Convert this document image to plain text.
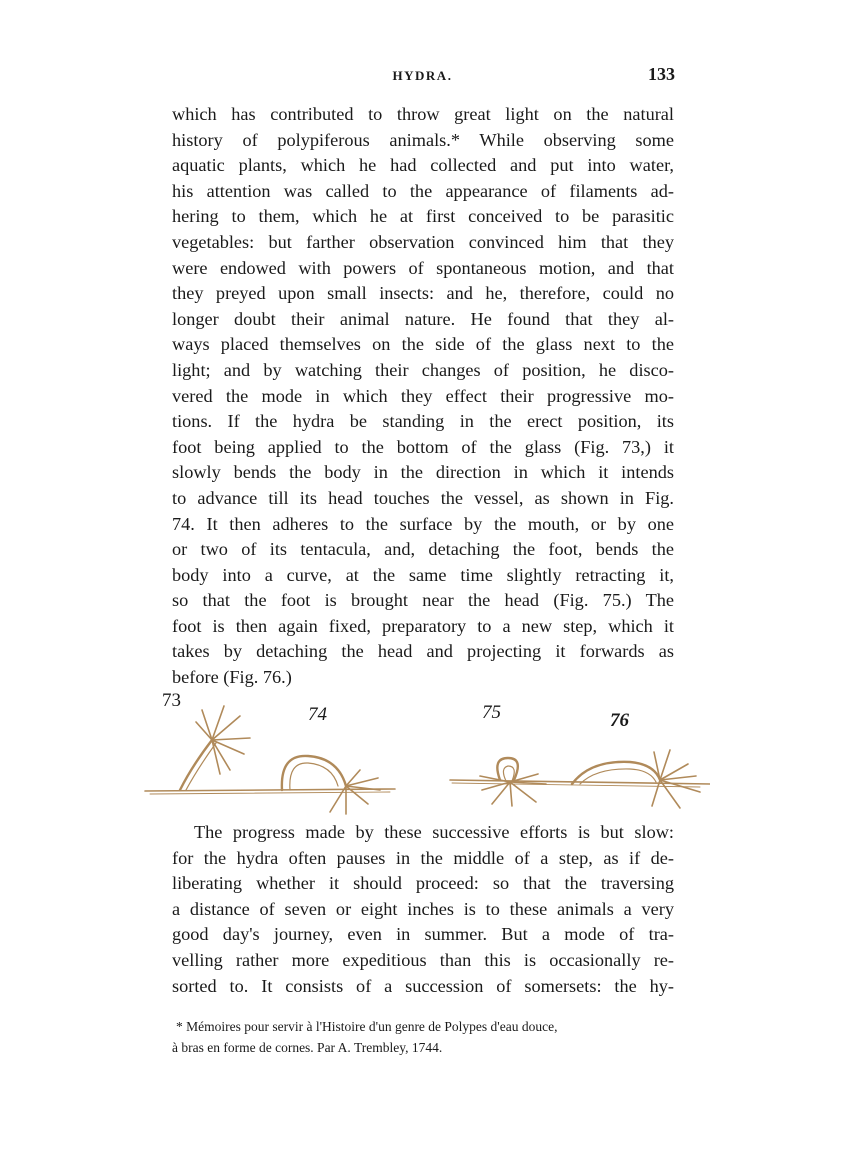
HYDRA.	133

which has contributed to throw great light on the natural
history of polypiferous animals.* While observing some
aquatic plants, which he had collected and put into water,
his attention was called to the appearance of filaments ad-
hering to them, which he at first conceived to be parasitic
vegetables: but farther observation convinced him that they
were endowed with powers of spontaneous motion, and that
they preyed upon small insects: and he, therefore, could no
longer doubt their animal nature. He found that they al-
ways placed themselves on the side of the glass next to the
light; and by watching their changes of position, he disco-
vered the mode in which they effect their progressive mo-
tions. If the hydra be standing in the erect position, its
foot being applied to the bottom of the glass (Fig. 73,) it
slowly bends the body in the direction in which it intends
to advance till its head touches the vessel, as shown in Fig.
74. It then adheres to the surface by the mouth, or by one
or two of its tentacula, and, detaching the foot, bends the
body into a curve, at the same time slightly retracting it,
so that the foot is brought near the head (Fig. 75.) The
foot is then again fixed, preparatory to a new step, which it
takes by detaching the head and projecting it forwards as
before (Fig. 76.)

73
74	75	76

The progress made by these successive efforts is but slow:
for the hydra often pauses in the middle of a step, as if de-
liberating whether it should proceed: so that the traversing
a distance of seven or eight inches is to these animals a very
good day's journey, even in summer. But a mode of tra-
velling rather more expeditious than this is occasionally re-
sorted to. It consists of a succession of somersets: the hy-

* Mémoires pour servir à l'Histoire d'un genre de Polypes d'eau douce,
à bras en forme de cornes. Par A. Trembley, 1744.
